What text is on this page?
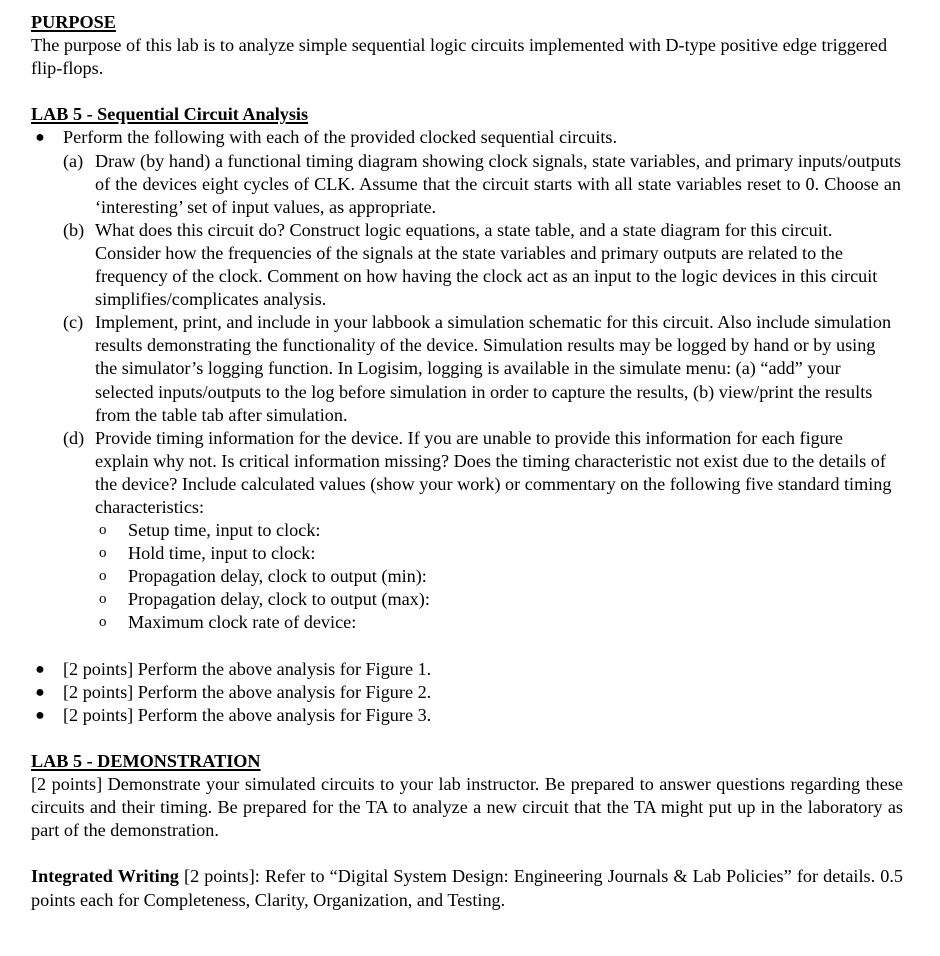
PURPOSE

The purpose of this lab is to analyze simple sequential logic circuits implemented with D-type positive edge triggered flip-flops.

LAB 5 - Sequential Circuit Analysis
● Perform the following with each of the provided clocked sequential circuits.
(a) Draw (by hand) a functional timing diagram showing clock signals, state variables, and primary inputs/outputs of the devices eight cycles of CLK. Assume that the circuit starts with all state variables reset to 0. Choose an ‘interesting’ set of input values, as appropriate.
(b) What does this circuit do? Construct logic equations, a state table, and a state diagram for this circuit. Consider how the frequencies of the signals at the state variables and primary outputs are related to the frequency of the clock. Comment on how having the clock act as an input to the logic devices in this circuit simplifies/complicates analysis.
(c) Implement, print, and include in your labbook a simulation schematic for this circuit. Also include simulation results demonstrating the functionality of the device. Simulation results may be logged by hand or by using the simulator’s logging function. In Logisim, logging is available in the simulate menu: (a) “add” your selected inputs/outputs to the log before simulation in order to capture the results, (b) view/print the results from the table tab after simulation.
(d) Provide timing information for the device. If you are unable to provide this information for each figure explain why not. Is critical information missing? Does the timing characteristic not exist due to the details of the device? Include calculated values (show your work) or commentary on the following five standard timing characteristics:
o Setup time, input to clock:
o Hold time, input to clock:
o Propagation delay, clock to output (min):
o Propagation delay, clock to output (max):
o Maximum clock rate of device:
● [2 points] Perform the above analysis for Figure 1.
● [2 points] Perform the above analysis for Figure 2.
● [2 points] Perform the above analysis for Figure 3.
LAB 5 - DEMONSTRATION

[2 points] Demonstrate your simulated circuits to your lab instructor. Be prepared to answer questions regarding these circuits and their timing. Be prepared for the TA to analyze a new circuit that the TA might put up in the laboratory as part of the demonstration.

Integrated Writing [2 points]: Refer to “Digital System Design: Engineering Journals & Lab Policies” for details. 0.5 points each for Completeness, Clarity, Organization, and Testing.
